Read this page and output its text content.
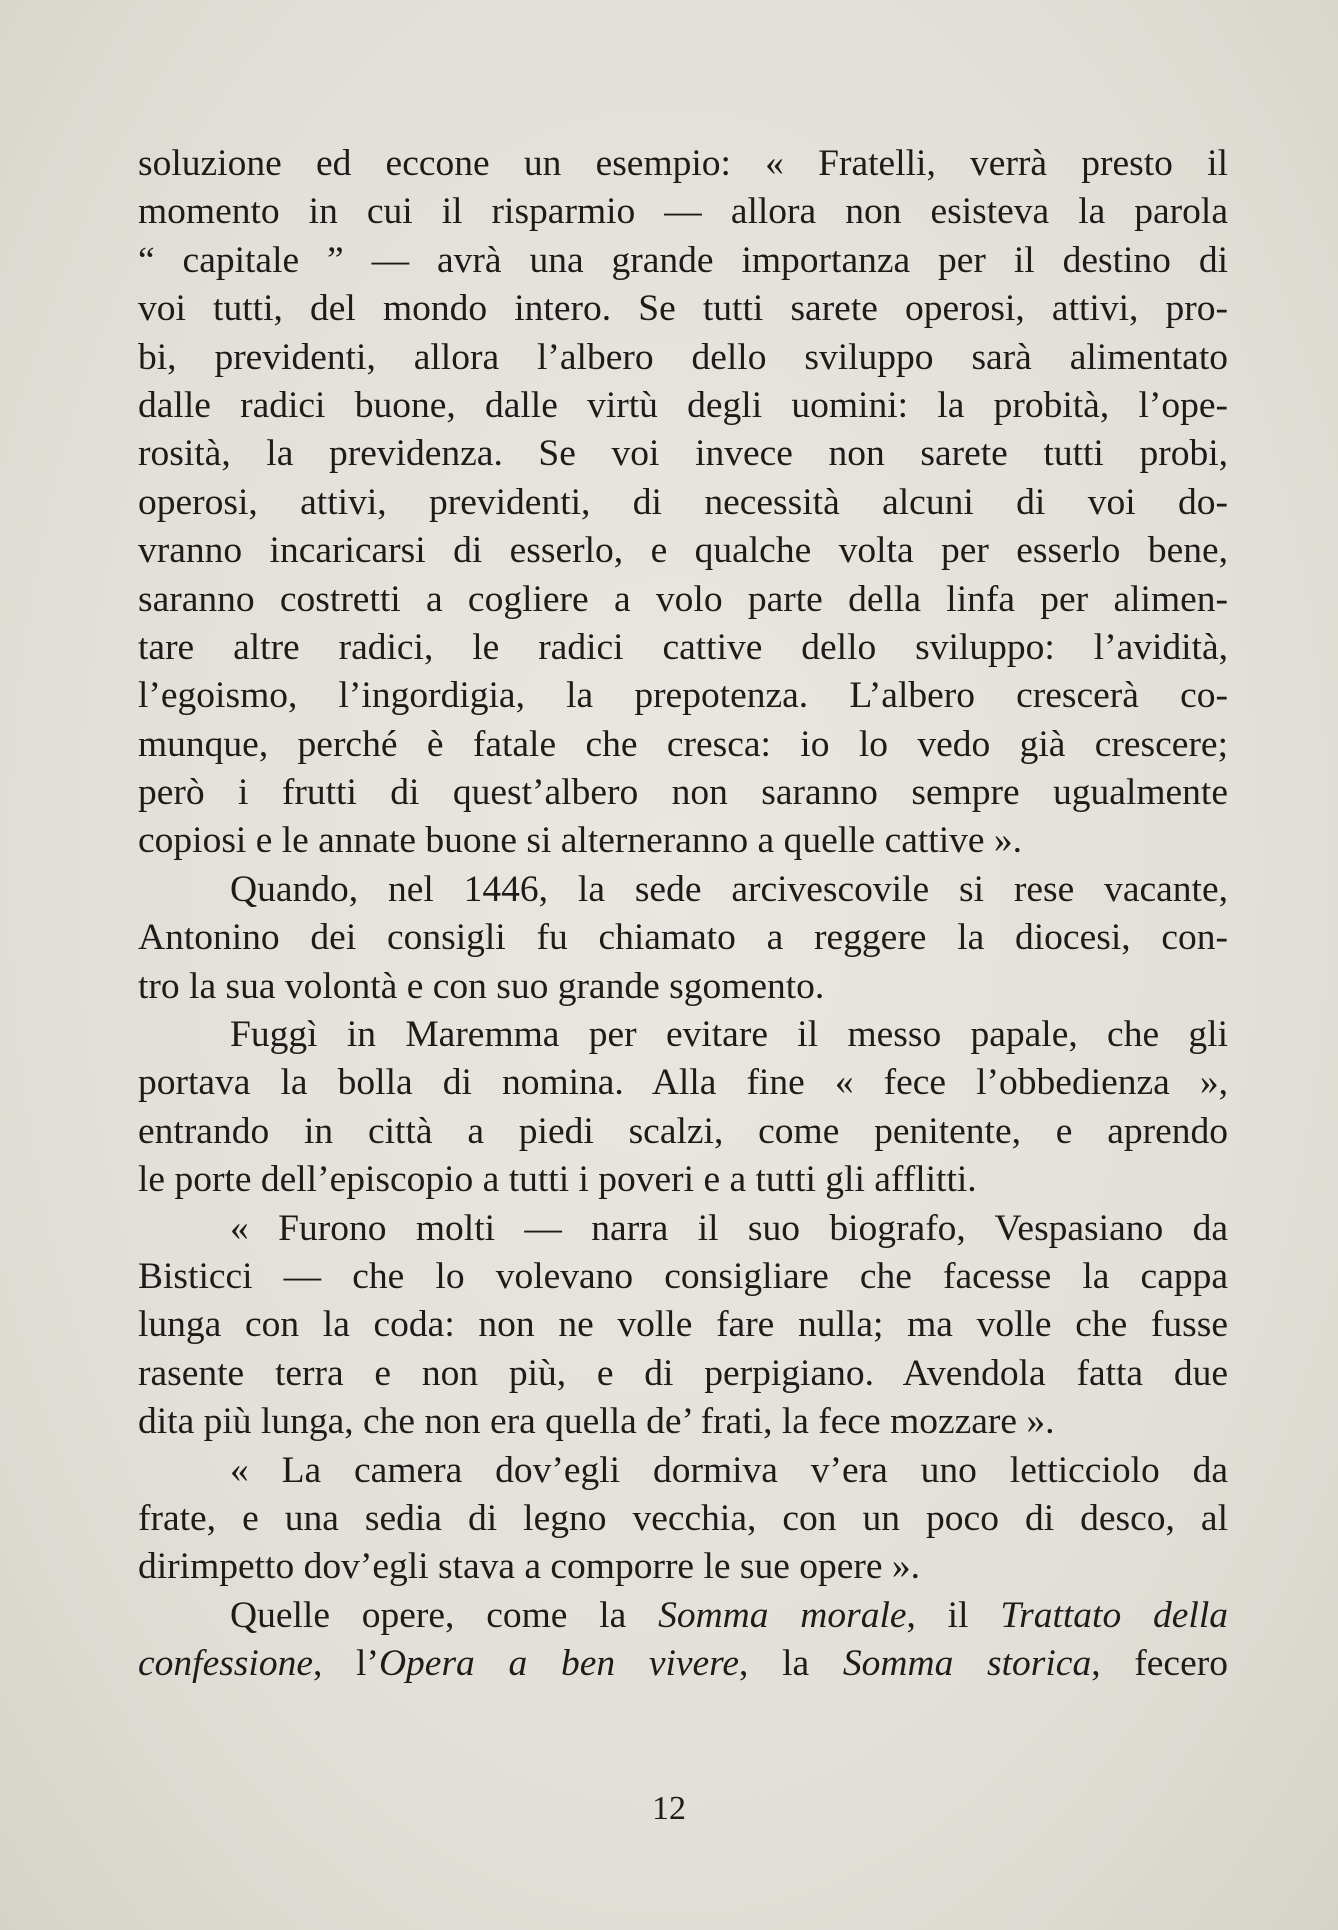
soluzione ed eccone un esempio: « Fratelli, verrà presto il
momento in cui il risparmio — allora non esisteva la parola
“ capitale ” — avrà una grande importanza per il destino di
voi tutti, del mondo intero. Se tutti sarete operosi, attivi, pro-
bi, previdenti, allora l’albero dello sviluppo sarà alimentato
dalle radici buone, dalle virtù degli uomini: la probità, l’ope-
rosità, la previdenza. Se voi invece non sarete tutti probi,
operosi, attivi, previdenti, di necessità alcuni di voi do-
vranno incaricarsi di esserlo, e qualche volta per esserlo bene,
saranno costretti a cogliere a volo parte della linfa per alimen-
tare altre radici, le radici cattive dello sviluppo: l’avidità,
l’egoismo, l’ingordigia, la prepotenza. L’albero crescerà co-
munque, perché è fatale che cresca: io lo vedo già crescere;
però i frutti di quest’albero non saranno sempre ugualmente
copiosi e le annate buone si alterneranno a quelle cattive ».
Quando, nel 1446, la sede arcivescovile si rese vacante,
Antonino dei consigli fu chiamato a reggere la diocesi, con-
tro la sua volontà e con suo grande sgomento.
Fuggì in Maremma per evitare il messo papale, che gli
portava la bolla di nomina. Alla fine « fece l’obbedienza »,
entrando in città a piedi scalzi, come penitente, e aprendo
le porte dell’episcopio a tutti i poveri e a tutti gli afflitti.
« Furono molti — narra il suo biografo, Vespasiano da
Bisticci — che lo volevano consigliare che facesse la cappa
lunga con la coda: non ne volle fare nulla; ma volle che fusse
rasente terra e non più, e di perpigiano. Avendola fatta due
dita più lunga, che non era quella de’ frati, la fece mozzare ».
« La camera dov’egli dormiva v’era uno letticciolo da
frate, e una sedia di legno vecchia, con un poco di desco, al
dirimpetto dov’egli stava a comporre le sue opere ».
Quelle opere, come la Somma morale, il Trattato della
confessione, l’Opera a ben vivere, la Somma storica, fecero
12
